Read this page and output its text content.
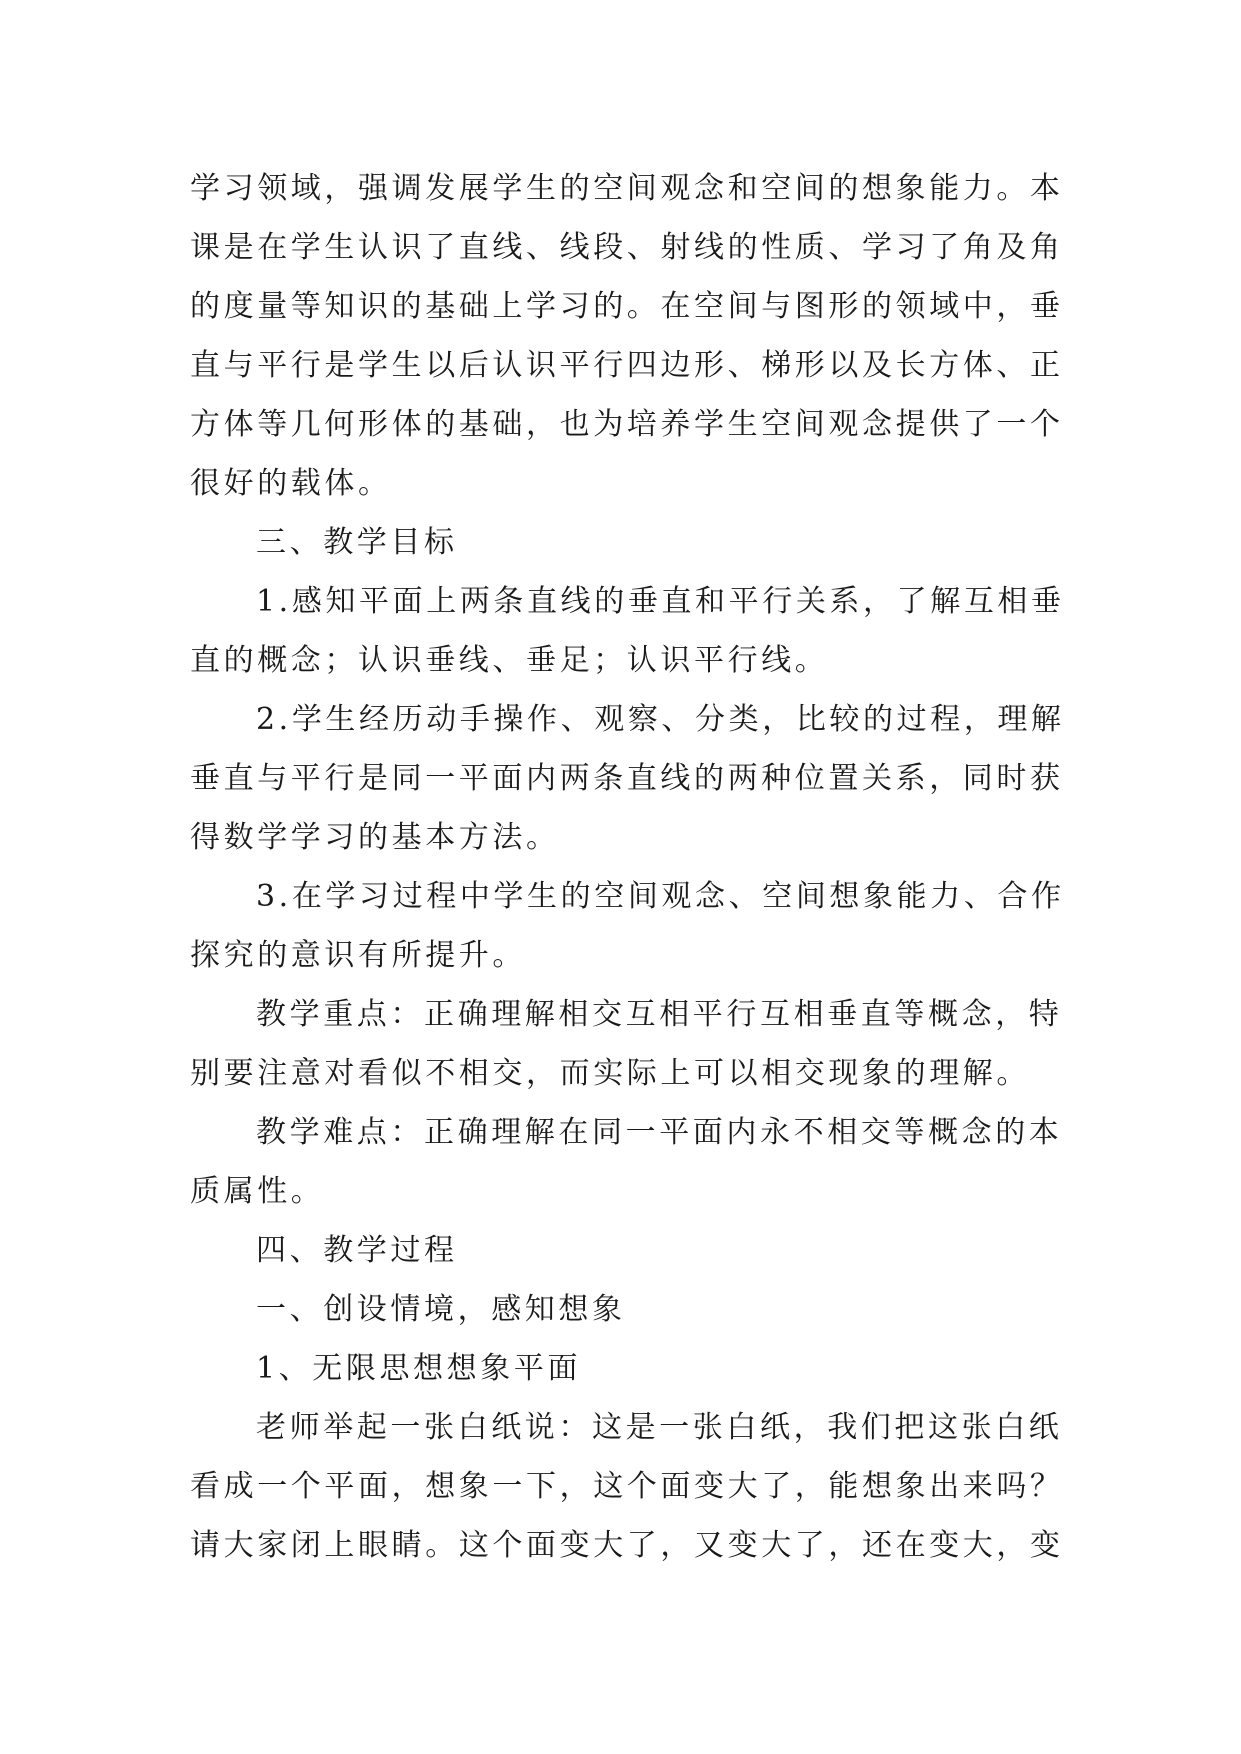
学习领域，强调发展学生的空间观念和空间的想象能力。本
课是在学生认识了直线、线段、射线的性质、学习了角及角
的度量等知识的基础上学习的。在空间与图形的领域中，垂
直与平行是学生以后认识平行四边形、梯形以及长方体、正
方体等几何形体的基础，也为培养学生空间观念提供了一个
很好的载体。
三、教学目标
1.感知平面上两条直线的垂直和平行关系，了解互相垂
直的概念；认识垂线、垂足；认识平行线。
2.学生经历动手操作、观察、分类，比较的过程，理解
垂直与平行是同一平面内两条直线的两种位置关系，同时获
得数学学习的基本方法。
3.在学习过程中学生的空间观念、空间想象能力、合作
探究的意识有所提升。
教学重点：正确理解相交互相平行互相垂直等概念，特
别要注意对看似不相交，而实际上可以相交现象的理解。
教学难点：正确理解在同一平面内永不相交等概念的本
质属性。
四、教学过程
一、创设情境，感知想象
1、无限思想想象平面
老师举起一张白纸说：这是一张白纸，我们把这张白纸
看成一个平面，想象一下，这个面变大了，能想象出来吗？
请大家闭上眼睛。这个面变大了，又变大了，还在变大，变
